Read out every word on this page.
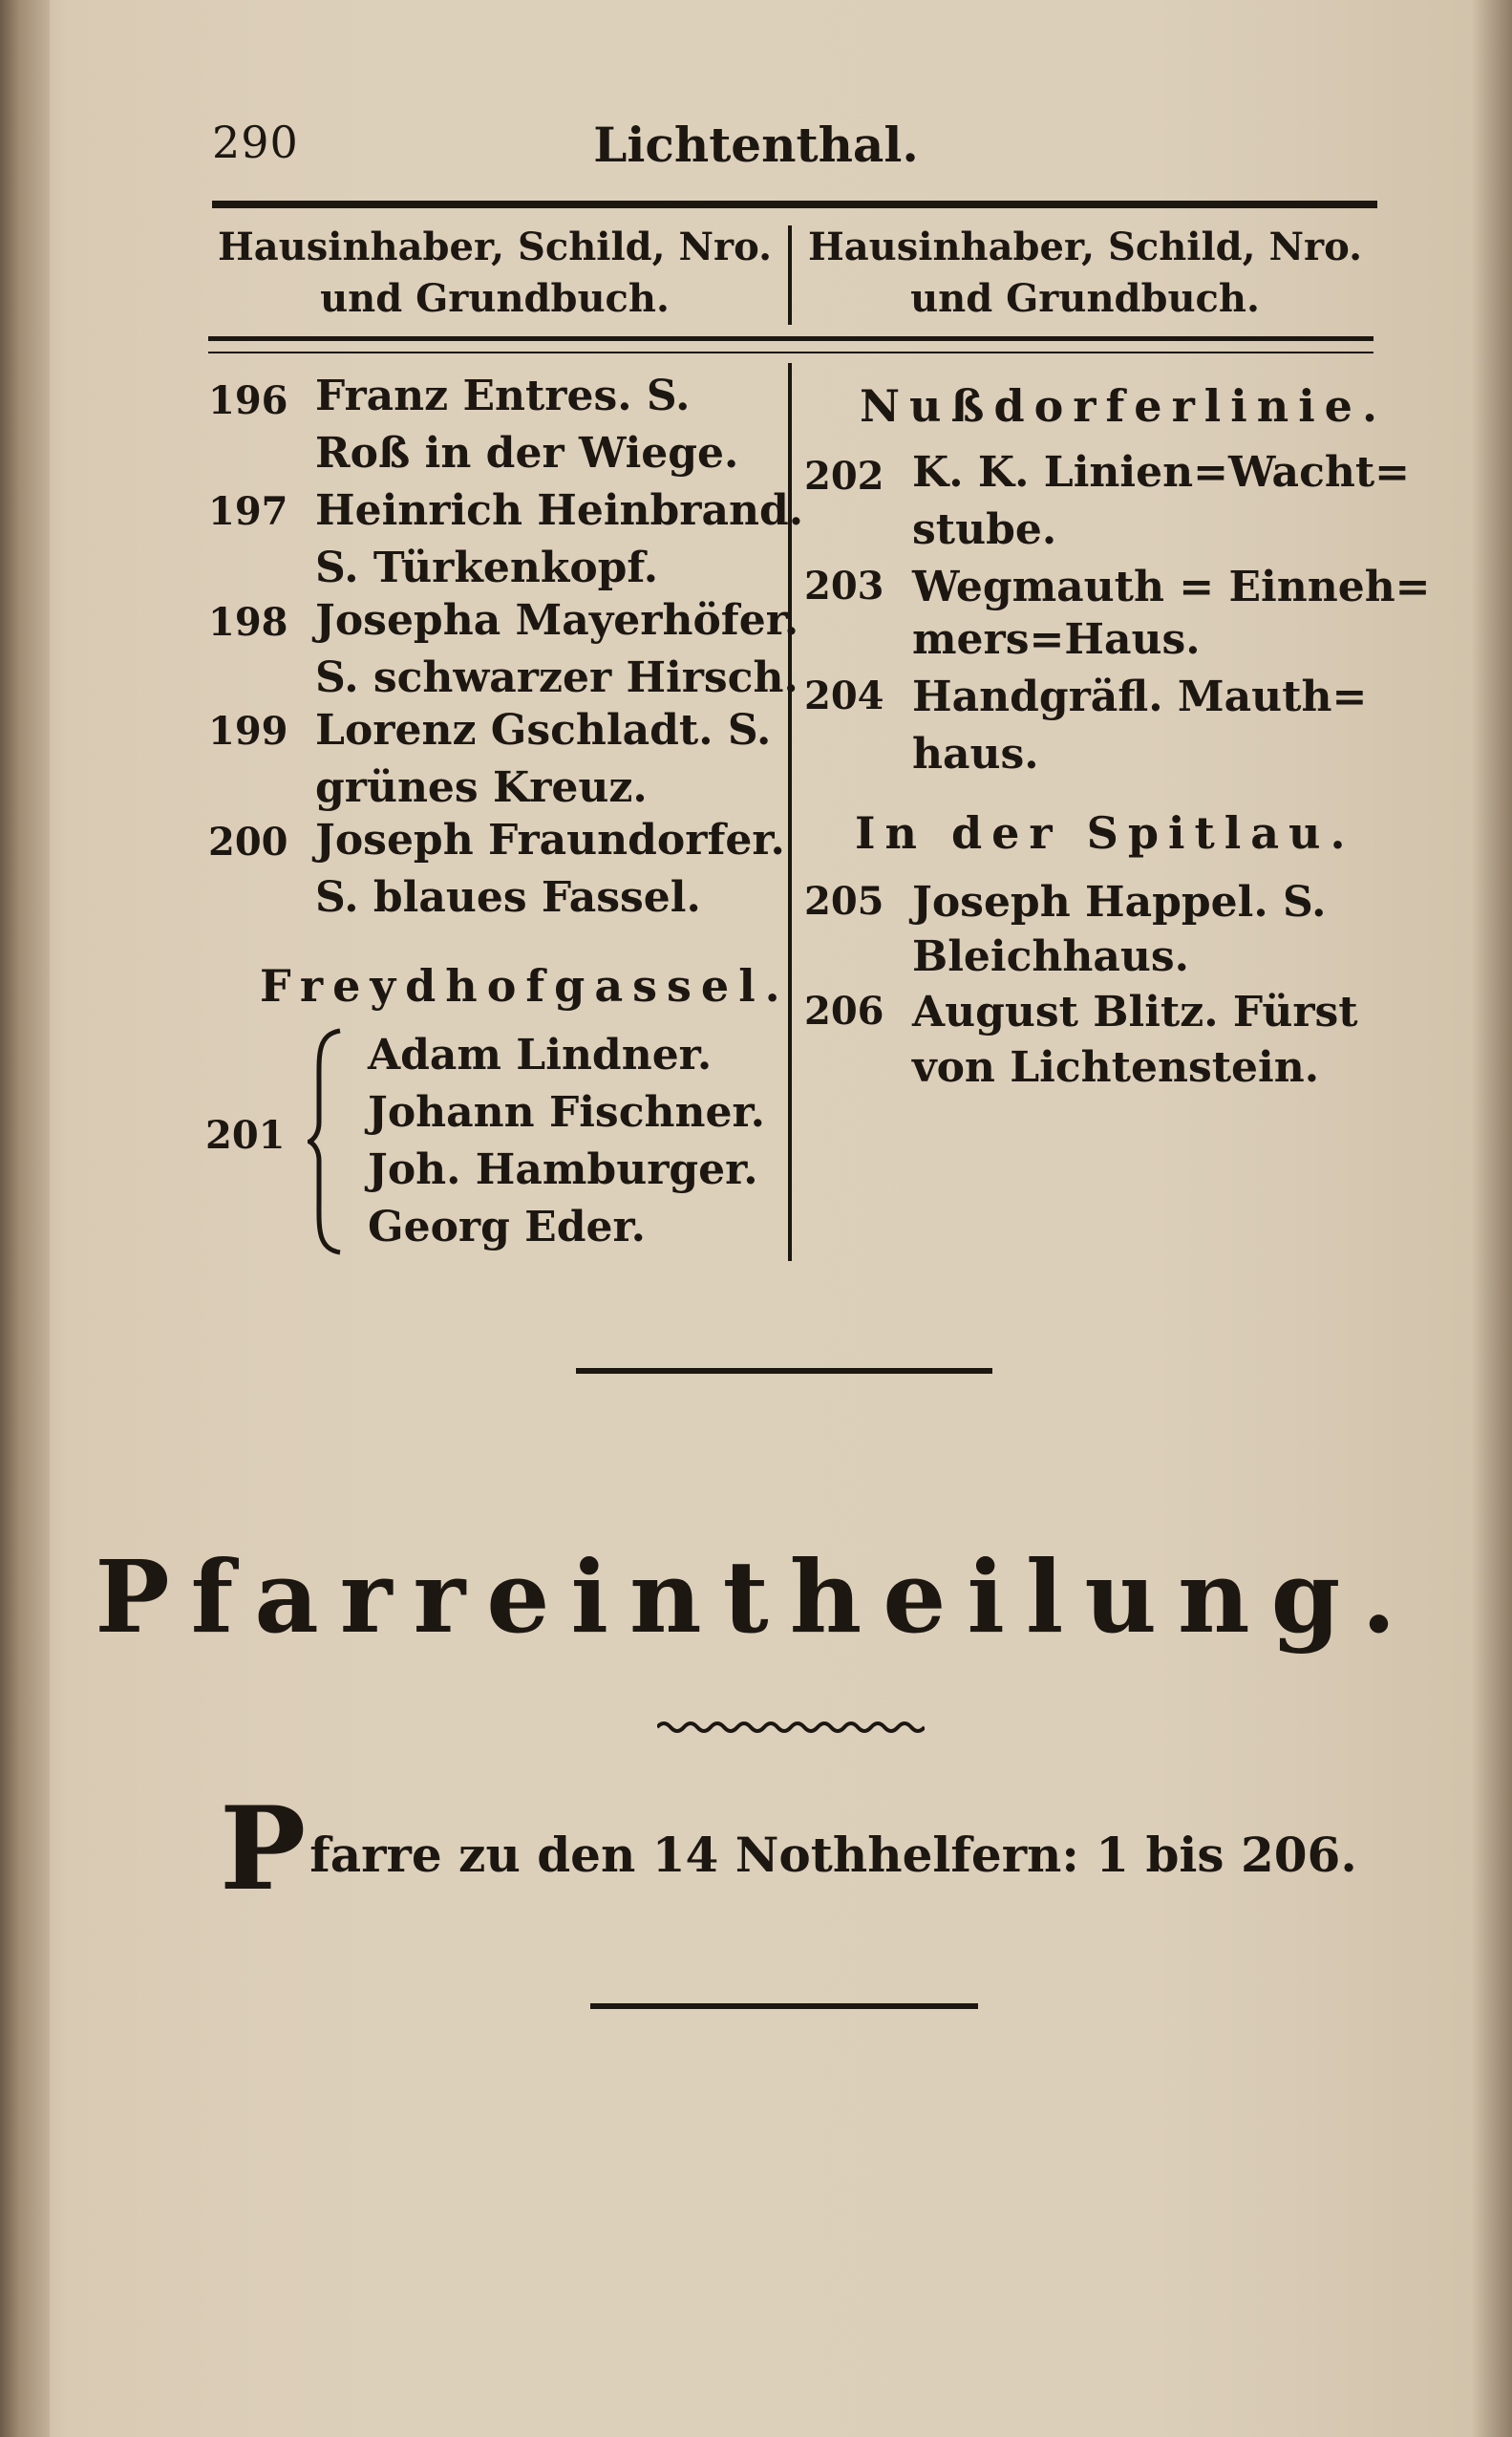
290	Lichtenthal.
Hausinhaber, Schild, Nro.
und Grundbuch.
Hausinhaber, Schild, Nro.
und Grundbuch.
196 Franz Entres. S.
Roß in der Wiege.
197 Heinrich Heinbrand.
S. Türkenkopf.
198 Josepha Mayerhöfer.
S. schwarzer Hirsch.
199 Lorenz Gschladt. S.
grünes Kreuz.
200 Joseph Fraundorfer.
S. blaues Fassel.
Freydhofgassel.
201
Adam Lindner.
Johann Fischner.
Joh. Hamburger.
Georg Eder.
Nußdorferlinie.
202 K. K. Linien=Wacht=
stube.
203 Wegmauth = Einneh=
mers=Haus.
204 Handgräfl. Mauth=
haus.
In der Spitlau.
205 Joseph Happel. S.
Bleichhaus.
206 August Blitz. Fürst
von Lichtenstein.
Pfarreintheilung.
Pfarre zu den 14 Nothhelfern: 1 bis 206.
